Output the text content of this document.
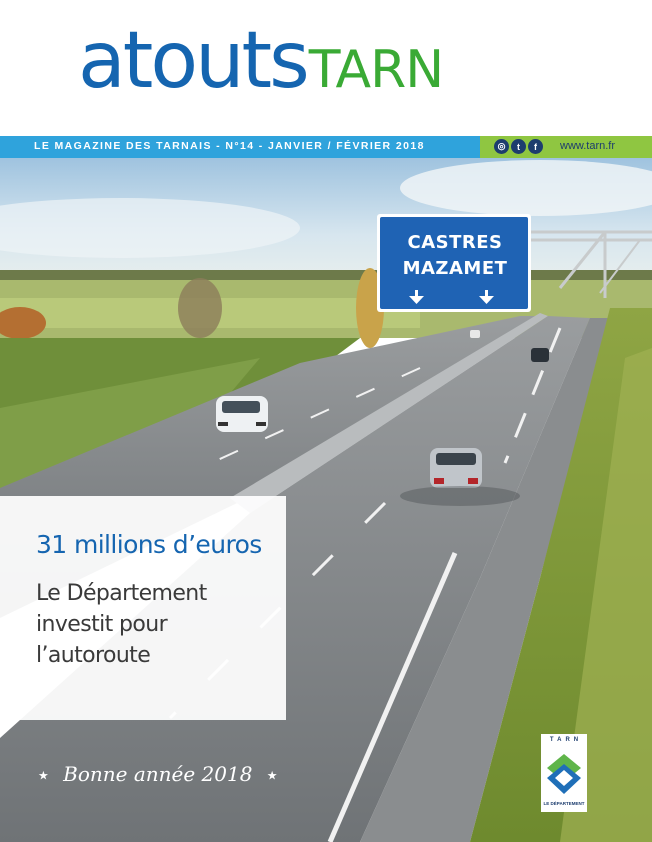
atoutsTARN
LE MAGAZINE DES TARNAIS - N°14 - JANVIER / FÉVRIER 2018	◎	t	f	www.tarn.fr
CASTRES
MAZAMET
31 millions d’euros
Le Département investit pour l’autoroute
★ Bonne année 2018 ★
TARN
LE DÉPARTEMENT
